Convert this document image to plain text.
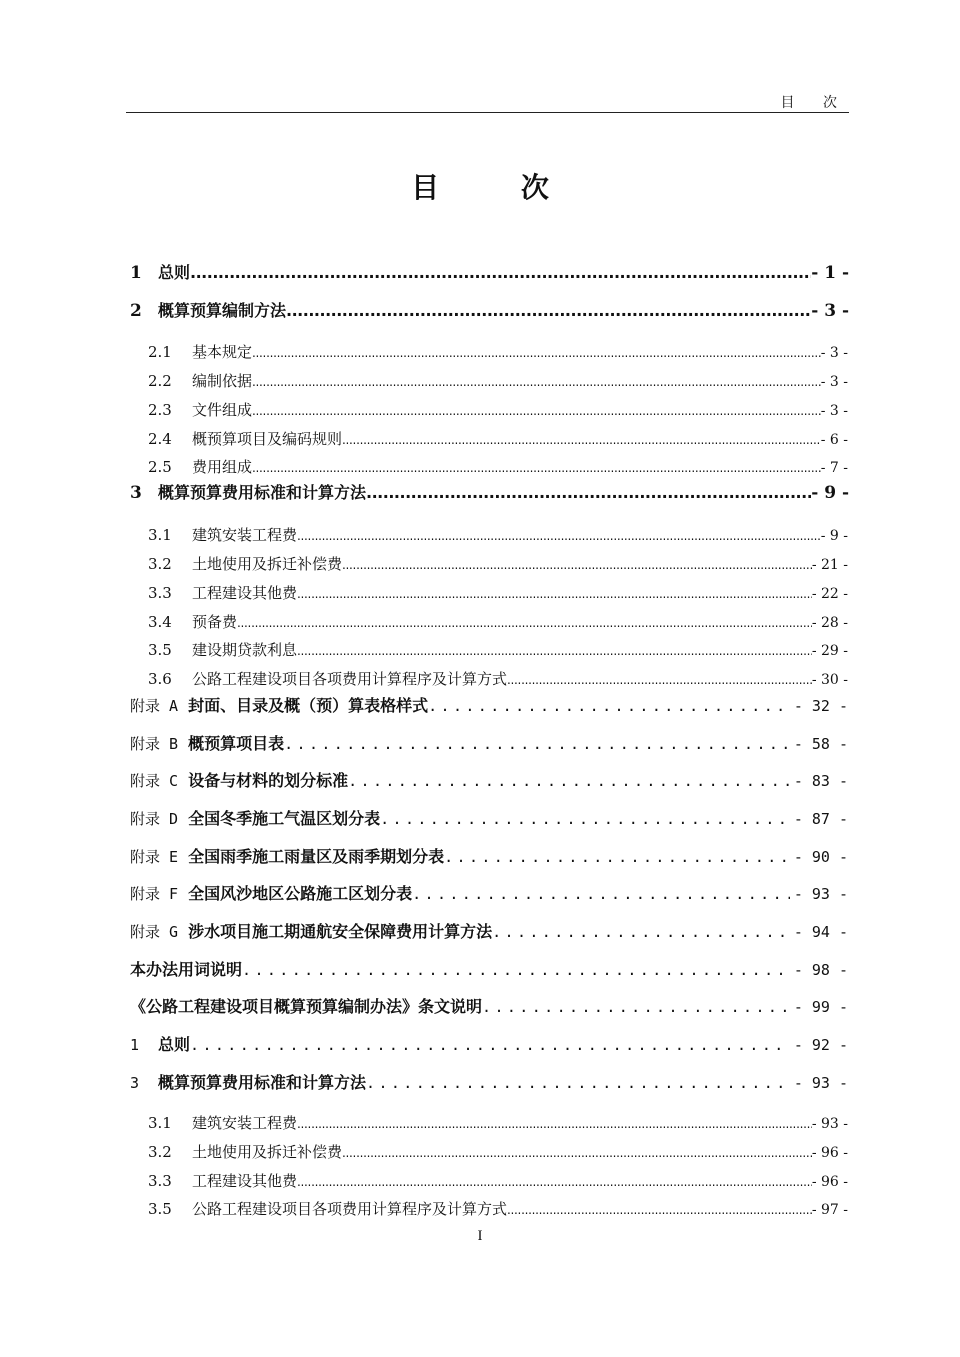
目 次
目 次
1	总则 .....	- 1 -
2	概算预算编制方法 .....	- 3 -
2.1	基本规定 .....	- 3 -
2.2	编制依据 .....	- 3 -
2.3	文件组成 .....	- 3 -
2.4	概预算项目及编码规则 .....	- 6 -
2.5	费用组成 .....	- 7 -
3	概算预算费用标准和计算方法 .....	- 9 -
3.1	建筑安装工程费 .....	- 9 -
3.2	土地使用及拆迁补偿费 .....	- 21 -
3.3	工程建设其他费 .....	- 22 -
3.4	预备费 .....	- 28 -
3.5	建设期贷款利息 .....	- 29 -
3.6	公路工程建设项目各项费用计算程序及计算方式 .....	- 30 -
附录 A 封面、目录及概（预）算表格样式 .....	- 32 -
附录 B 概预算项目表 .....	- 58 -
附录 C 设备与材料的划分标准 .....	- 83 -
附录 D 全国冬季施工气温区划分表 .....	- 87 -
附录 E 全国雨季施工雨量区及雨季期划分表 .....	- 90 -
附录 F 全国风沙地区公路施工区划分表 .....	- 93 -
附录 G 涉水项目施工期通航安全保障费用计算方法 .....	- 94 -
本办法用词说明 .....	- 98 -
《公路工程建设项目概算预算编制办法》条文说明 .....	- 99 -
1	总则 .....	- 92 -
3	概算预算费用标准和计算方法 .....	- 93 -
3.1	建筑安装工程费 .....	- 93 -
3.2	土地使用及拆迁补偿费 .....	- 96 -
3.3	工程建设其他费 .....	- 96 -
3.5	公路工程建设项目各项费用计算程序及计算方式 .....	- 97 -
I
